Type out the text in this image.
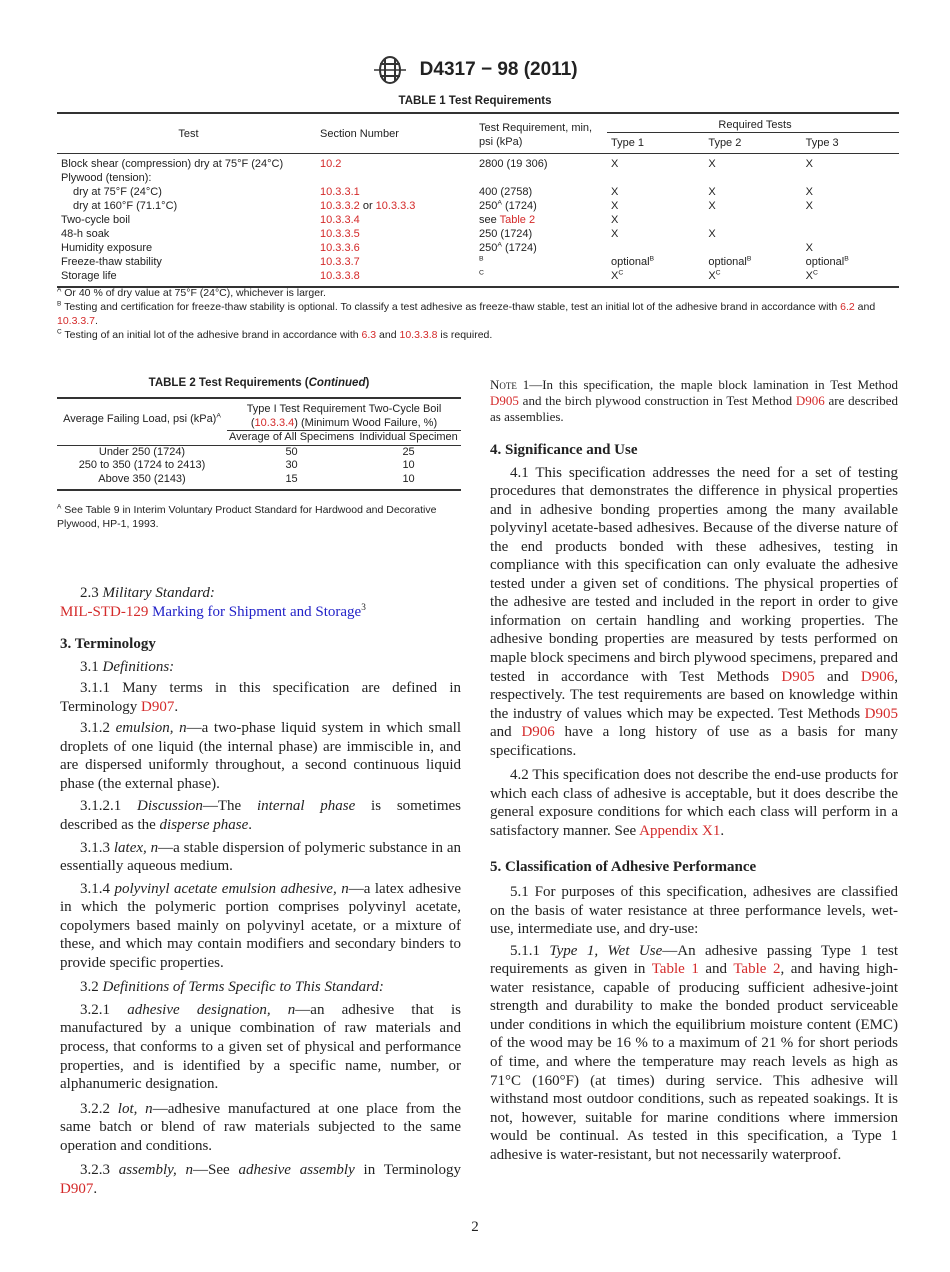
D4317 − 98 (2011)
TABLE 1 Test Requirements
Test	Section Number	Test Requirement, min, psi (kPa)	Required Tests		
			Type 1	Type 2	Type 3
Block shear (compression) dry at 75°F (24°C)	10.2	2800 (19 306)	X	X	X
Plywood (tension):					
dry at 75°F (24°C)	10.3.3.1	400 (2758)	X	X	X
dry at 160°F (71.1°C)	10.3.3.2 or 10.3.3.3	$250^A$ (1724)	X	X	X
Two-cycle boil	10.3.3.4	see Table 2	X		
48-h soak	10.3.3.5	250 (1724)	X	X	
Humidity exposure	10.3.3.6	$250^A$ (1724)			X
Freeze-thaw stability	10.3.3.7	$^B$	optional$^B$	optional$^B$	optional$^B$
Storage life	10.3.3.8	$^C$	$X^C$	$X^C$	$X^C$
$^A$ Or 40 % of dry value at 75°F (24°C), whichever is larger.
$^B$ Testing and certification for freeze-thaw stability is optional. To classify a test adhesive as freeze-thaw stable, test an initial lot of the adhesive brand in accordance with 6.2 and 10.3.3.7.
$^C$ Testing of an initial lot of the adhesive brand in accordance with 6.3 and 10.3.3.8 is required.
TABLE 2 Test Requirements (Continued)
Average Failing Load, psi (kPa)$^A$	Type I Test Requirement Two-Cycle Boil (10.3.3.4) (Minimum Wood Failure, %)	
	Average of All Specimens	Individual Specimen
Under 250 (1724)	50	25
250 to 350 (1724 to 2413)	30	10
Above 350 (2143)	15	10
$^A$ See Table 9 in Interim Voluntary Product Standard for Hardwood and Decorative Plywood, HP-1, 1993.

2.3 Military Standard:

MIL-STD-129 Marking for Shipment and Storage$^3$

3. Terminology

3.1 Definitions:

3.1.1 Many terms in this specification are defined in Terminology D907.

3.1.2 emulsion, n—a two-phase liquid system in which small droplets of one liquid (the internal phase) are immiscible in, and are dispersed uniformly throughout, a second continuous liquid phase (the external phase).

3.1.2.1 Discussion—The internal phase is sometimes described as the disperse phase.

3.1.3 latex, n—a stable dispersion of polymeric substance in an essentially aqueous medium.

3.1.4 polyvinyl acetate emulsion adhesive, n—a latex adhesive in which the polymeric portion comprises polyvinyl acetate, copolymers based mainly on polyvinyl acetate, or a mixture of these, and which may contain modifiers and secondary binders to provide specific properties.

3.2 Definitions of Terms Specific to This Standard:

3.2.1 adhesive designation, n—an adhesive that is manufactured by a unique combination of raw materials and process, that conforms to a given set of physical and performance properties, and is identified by a specific name, number, or alphanumeric designation.

3.2.2 lot, n—adhesive manufactured at one place from the same batch or blend of raw materials subjected to the same operation and conditions.

3.2.3 assembly, n—See adhesive assembly in Terminology D907.

Note 1—In this specification, the maple block lamination in Test Method D905 and the birch plywood construction in Test Method D906 are described as assemblies.

4. Significance and Use

4.1 This specification addresses the need for a set of testing procedures that demonstrates the difference in physical properties and in adhesive bonding properties among the many available polyvinyl acetate-based adhesives. Because of the diverse nature of the end products bonded with these adhesives, testing in compliance with this specification can only evaluate the adhesive tested under a given set of conditions. The physical properties of the adhesive are tested and included in the report in order to give information on certain handling and working properties. The adhesive bonding properties are measured by tests performed on maple block specimens and birch plywood specimens, prepared and tested in accordance with Test Methods D905 and D906, respectively. The test requirements are based on knowledge within the industry of values which may be expected. Test Methods D905 and D906 have a long history of use as a basis for many specifications.

4.2 This specification does not describe the end-use products for which each class of adhesive is acceptable, but it does describe the general exposure conditions for which each class will perform in a satisfactory manner. See Appendix X1.

5. Classification of Adhesive Performance

5.1 For purposes of this specification, adhesives are classified on the basis of water resistance at three performance levels, wet-use, intermediate use, and dry-use:

5.1.1 Type 1, Wet Use—An adhesive passing Type 1 test requirements as given in Table 1 and Table 2, and having high-water resistance, capable of producing sufficient adhesive-joint strength and durability to make the bonded product serviceable under conditions in which the equilibrium moisture content (EMC) of the wood may be 16 % to a maximum of 21 % for short periods of time, and where the temperature may reach levels as high as 71°C (160°F) (at times) during service. This adhesive will withstand most outdoor conditions, such as repeated soakings. It is not, however, suitable for marine conditions where immersion would be continual. As tested in this specification, a Type 1 adhesive is water-resistant, but not necessarily waterproof.

2
